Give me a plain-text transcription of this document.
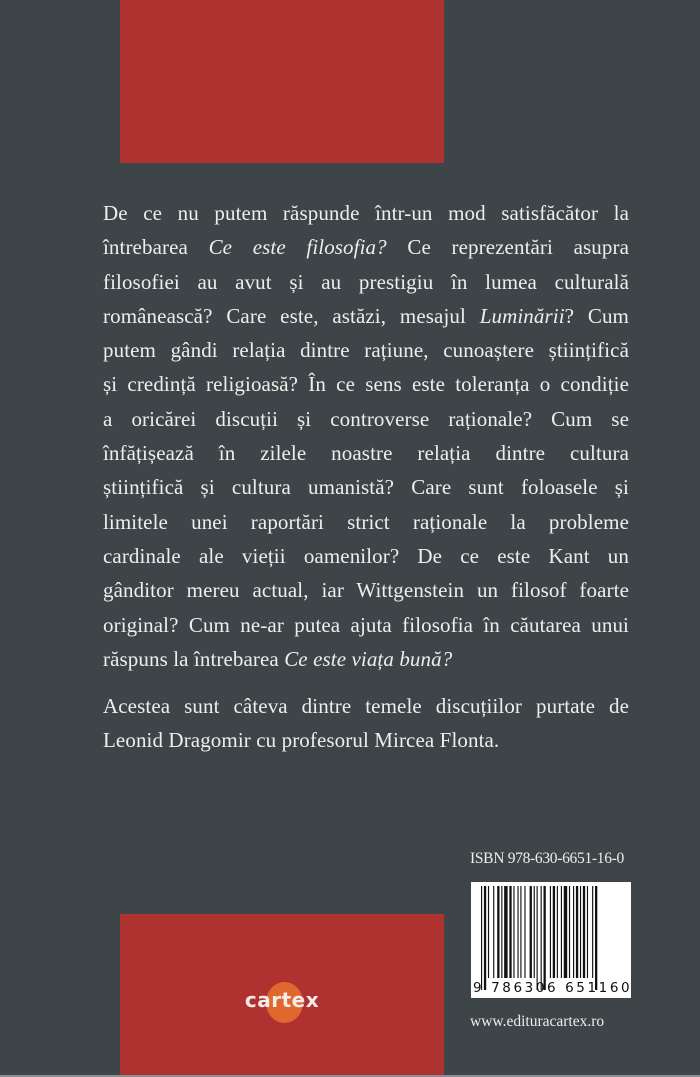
De ce nu putem răspunde într-un mod satisfăcător la
întrebarea Ce este filosofia? Ce reprezentări asupra
filosofiei au avut și au prestigiu în lumea culturală
românească? Care este, astăzi, mesajul Luminării? Cum
putem gândi relația dintre rațiune, cunoaștere științifică
și credință religioasă? În ce sens este toleranța o condiție
a oricărei discuții și controverse raționale? Cum se
înfățișează în zilele noastre relația dintre cultura
științifică și cultura umanistă? Care sunt foloasele și
limitele unei raportări strict raționale la probleme
cardinale ale vieții oamenilor? De ce este Kant un
gânditor mereu actual, iar Wittgenstein un filosof foarte
original? Cum ne-ar putea ajuta filosofia în căutarea unui
răspuns la întrebarea Ce este viața bună?

Acestea sunt câteva dintre temele discuțiilor purtate de
Leonid Dragomir cu profesorul Mircea Flonta.

ISBN 978-630-6651-16-0
9 786306 651160
www.edituracartex.ro
cartex
